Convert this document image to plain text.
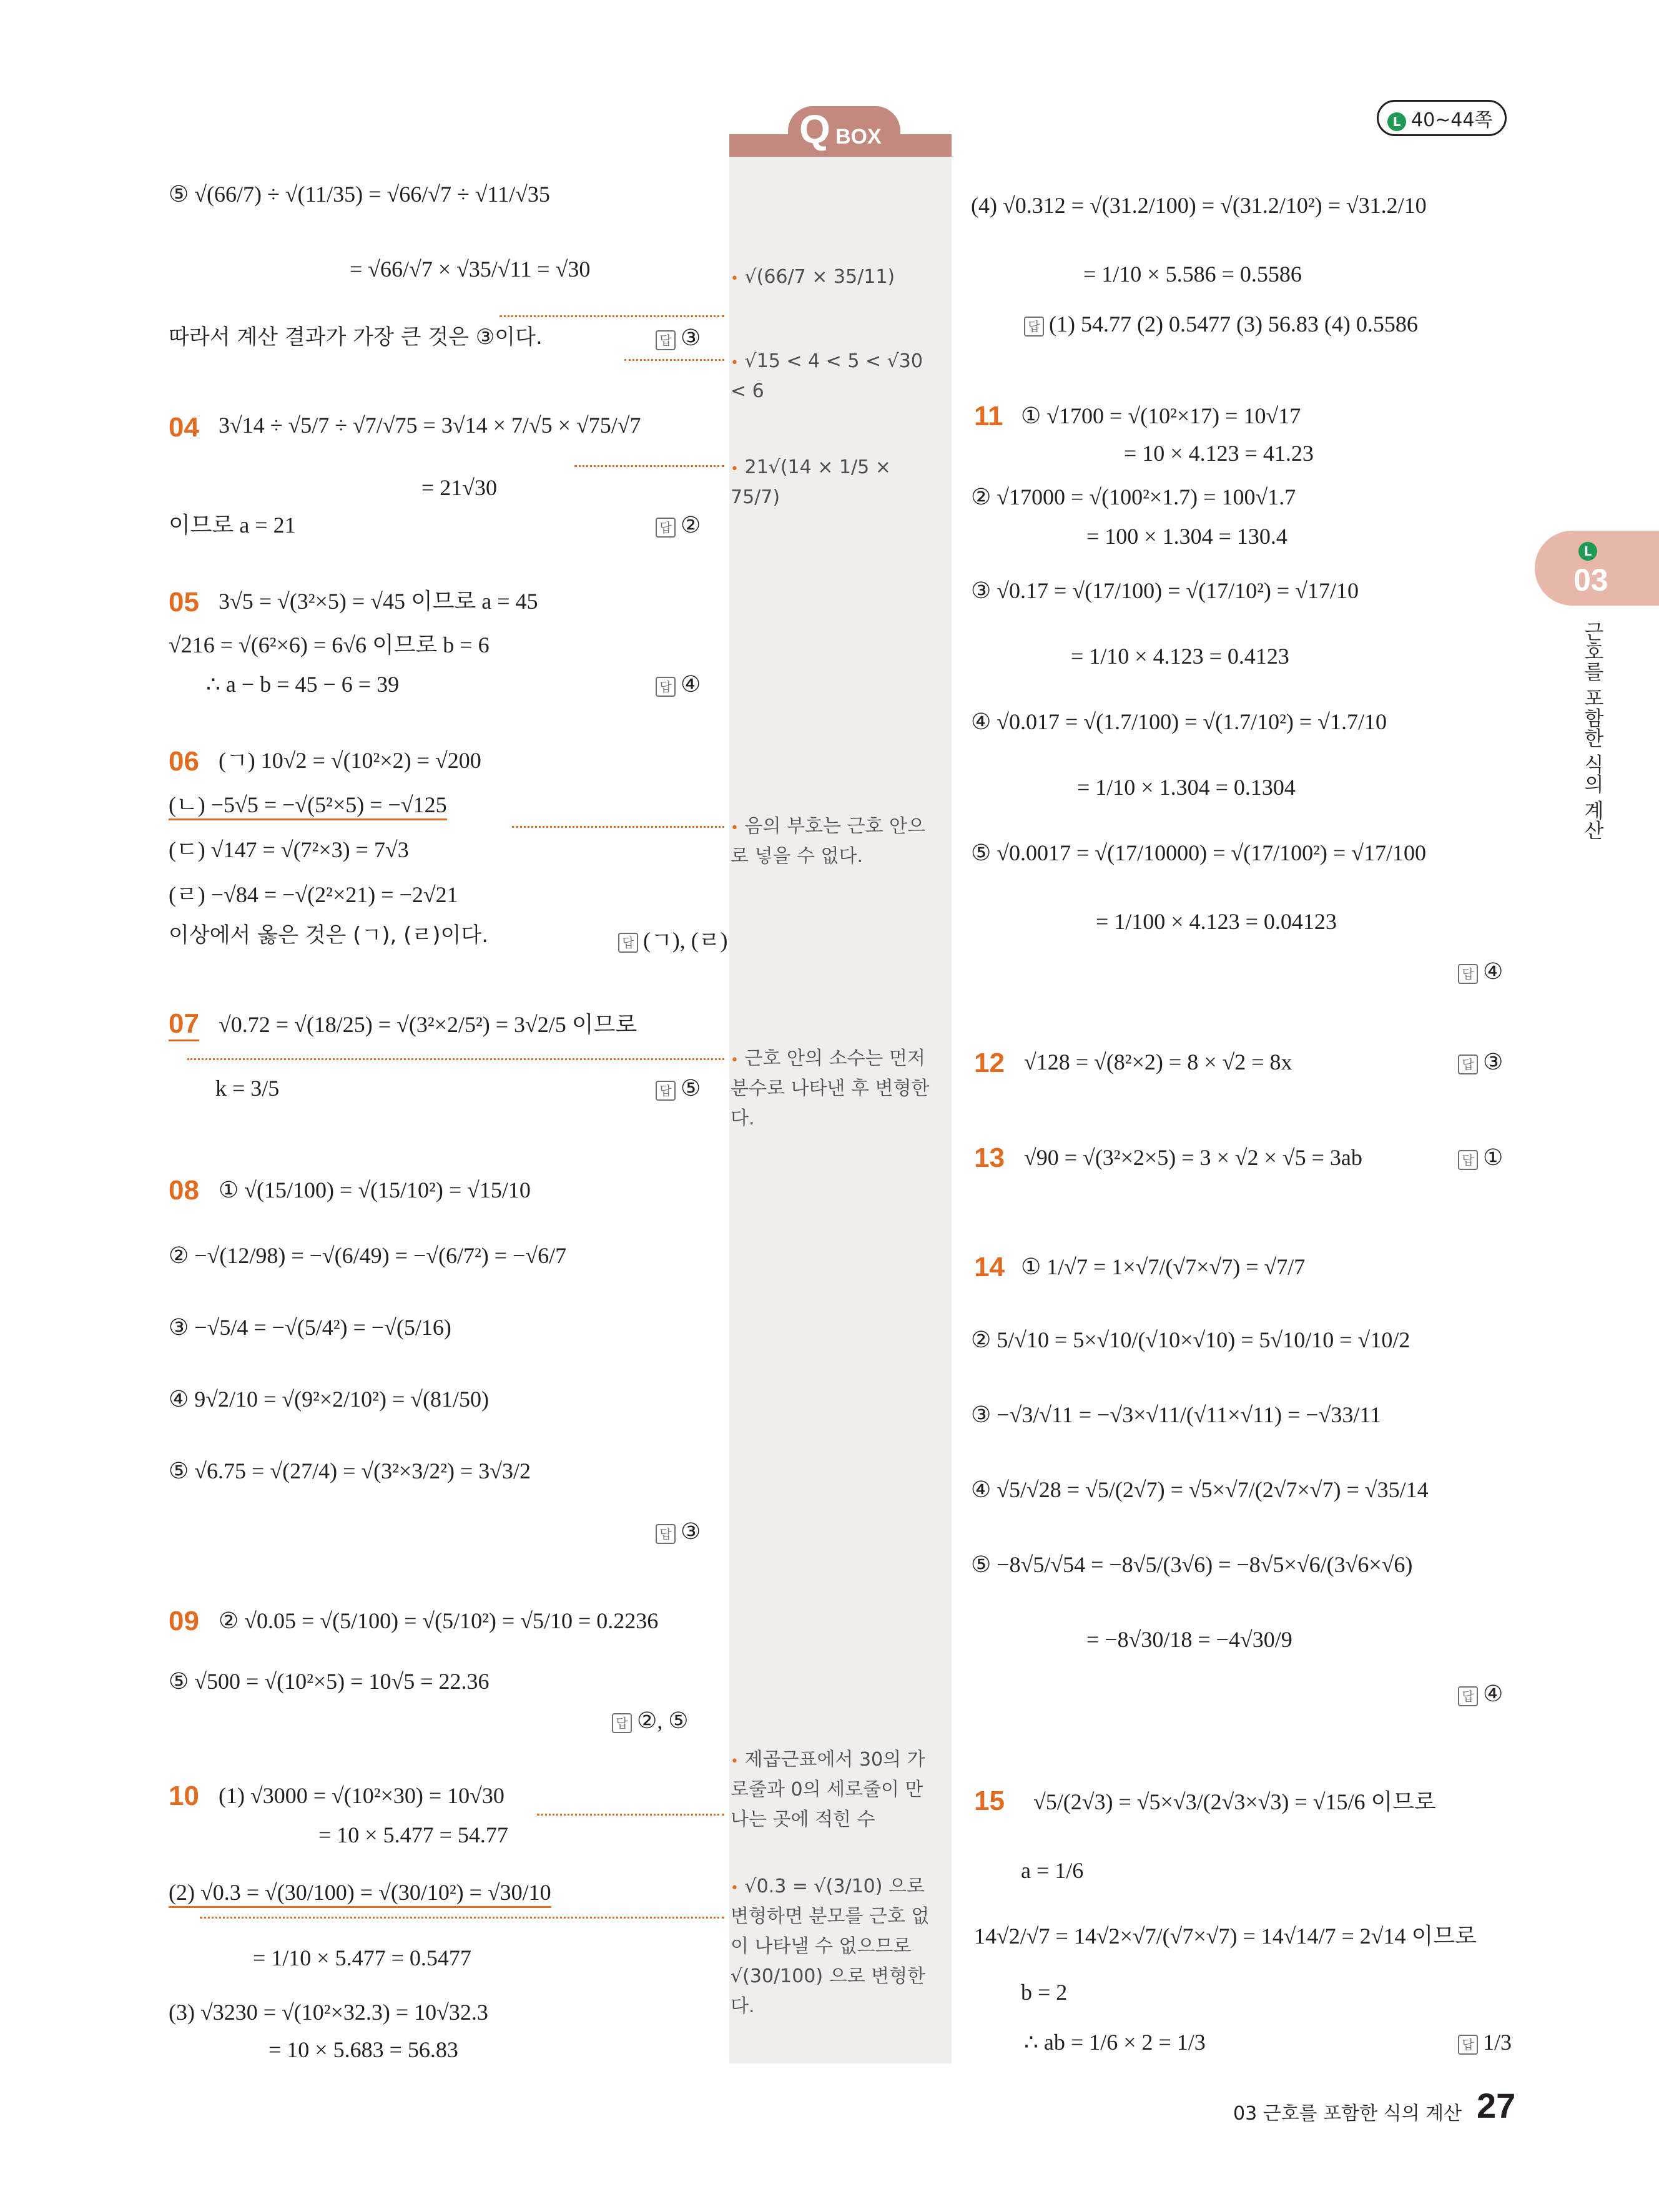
L 40~44쪽
Q BOX
L
03
근호를 포함한 식의 계산
⑤ √(66/7) ÷ √(11/35) = √66/√7 ÷ √11/√35
= √66/√7 × √35/√11 = √30
따라서 계산 결과가 가장 큰 것은 ③이다.	답 ③
04 3√14 ÷ √5/7 ÷ √7/√75 = 3√14 × 7/√5 × √75/√7
= 21√30
이므로 a = 21	답 ②
05 3√5 = √(3²×5) = √45 이므로 a = 45
√216 = √(6²×6) = 6√6 이므로 b = 6
∴ a − b = 45 − 6 = 39	답 ④
06 (ㄱ) 10√2 = √(10²×2) = √200
(ㄴ) −5√5 = −√(5²×5) = −√125
(ㄷ) √147 = √(7²×3) = 7√3
(ㄹ) −√84 = −√(2²×21) = −2√21
이상에서 옳은 것은 (ㄱ), (ㄹ)이다.	답 (ㄱ), (ㄹ)
07 √0.72 = √(18/25) = √(3²×2/5²) = 3√2/5 이므로
k = 3/5	답 ⑤
08 ① √(15/100) = √(15/10²) = √15/10
② −√(12/98) = −√(6/49) = −√(6/7²) = −√6/7
③ −√5/4 = −√(5/4²) = −√(5/16)
④ 9√2/10 = √(9²×2/10²) = √(81/50)
⑤ √6.75 = √(27/4) = √(3²×3/2²) = 3√3/2
답 ③
09 ② √0.05 = √(5/100) = √(5/10²) = √5/10 = 0.2236
⑤ √500 = √(10²×5) = 10√5 = 22.36
답 ②, ⑤
10 (1) √3000 = √(10²×30) = 10√30
= 10 × 5.477 = 54.77
(2) √0.3 = √(30/100) = √(30/10²) = √30/10
= 1/10 × 5.477 = 0.5477
(3) √3230 = √(10²×32.3) = 10√32.3
= 10 × 5.683 = 56.83
• √(66/7 × 35/11)
• √15 < 4 < 5 < √30 < 6
• 21√(14 × 1/5 × 75/7)
• 음의 부호는 근호 안으로 넣을 수 없다.
• 근호 안의 소수는 먼저 분수로 나타낸 후 변형한다.
• 제곱근표에서 30의 가로줄과 0의 세로줄이 만나는 곳에 적힌 수
• √0.3 = √(3/10) 으로 변형하면 분모를 근호 없이 나타낼 수 없으므로 √(30/100) 으로 변형한다.
(4) √0.312 = √(31.2/100) = √(31.2/10²) = √31.2/10
= 1/10 × 5.586 = 0.5586
답 (1) 54.77 (2) 0.5477 (3) 56.83 (4) 0.5586
11 ① √1700 = √(10²×17) = 10√17
= 10 × 4.123 = 41.23
② √17000 = √(100²×1.7) = 100√1.7
= 100 × 1.304 = 130.4
③ √0.17 = √(17/100) = √(17/10²) = √17/10
= 1/10 × 4.123 = 0.4123
④ √0.017 = √(1.7/100) = √(1.7/10²) = √1.7/10
= 1/10 × 1.304 = 0.1304
⑤ √0.0017 = √(17/10000) = √(17/100²) = √17/100
= 1/100 × 4.123 = 0.04123
답 ④
12 √128 = √(8²×2) = 8 × √2 = 8x	답 ③
13 √90 = √(3²×2×5) = 3 × √2 × √5 = 3ab	답 ①
14 ① 1/√7 = 1×√7/(√7×√7) = √7/7
② 5/√10 = 5×√10/(√10×√10) = 5√10/10 = √10/2
③ −√3/√11 = −√3×√11/(√11×√11) = −√33/11
④ √5/√28 = √5/(2√7) = √5×√7/(2√7×√7) = √35/14
⑤ −8√5/√54 = −8√5/(3√6) = −8√5×√6/(3√6×√6)
= −8√30/18 = −4√30/9
답 ④
15 √5/(2√3) = √5×√3/(2√3×√3) = √15/6 이므로
a = 1/6
14√2/√7 = 14√2×√7/(√7×√7) = 14√14/7 = 2√14 이므로
b = 2
∴ ab = 1/6 × 2 = 1/3	답 1/3
03 근호를 포함한 식의 계산 27
